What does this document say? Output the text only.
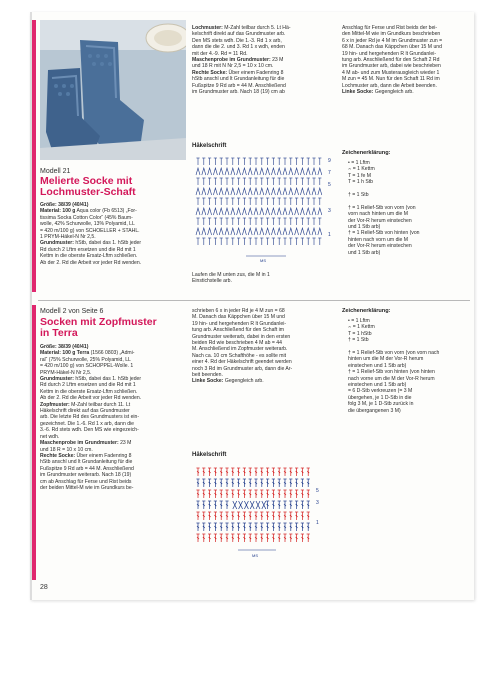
Modell 21
Melierte Socke mit
Lochmuster-Schaft
Größe: 38/39 (40/41)
Material: 100 g Aqua color (Fb 6513) „For-
tissima Socka Cotton Color“ (45% Baum-
wolle, 42% Schurwolle, 13% Polyamid, LL
= 420 m/100 g) von SCHOELLER + STAHL.
1 PRYM-Häkel-N Nr 2,5.
Grundmuster: hStb, dabei das 1. hStb jeder
Rd durch 2 Lftm ersetzen und die Rd mit 1
Kettm in die oberste Ersatz-Lftm schließen.
Ab der 2. Rd die Arbeit vor jeder Rd wenden.
Lochmuster: M-Zahl teilbar durch 5. Lt Hä-
kelschrift direkt auf das Grundmuster arb.
Den MS stets wdh. Die 1.-3. Rd 1 x arb,
dann die die 2. und 3. Rd 1 x wdh, enden
mit der 4.-9. Rd = 11 Rd.
Maschenprobe im Grundmuster: 23 M
und 18 R mit N Nr 2,5 = 10 x 10 cm.
Rechte Socke: Über einem Fadenring 8
hStb anschl und lt Grundanleitung für die
Fußspitze 9 Rd arb = 44 M. Anschließend
im Grundmuster arb. Nach 18 (19) cm ab
Anschlag für Ferse und Rist beids der bei-
den Mittel-M wie im Grundkurs beschrieben
6 x in jeder Rd je 4 M im Grundmuster zun =
68 M. Danach das Käppchen über 15 M und
19 hin- und hergehenden R lt Grundanlei-
tung arb. Anschließend für den Schaft 2 Rd
im Grundmuster arb, dabei wie beschrieben
4 M ab- und zum Musterausgleich wieder 1
M zun = 45 M. Nun für den Schaft 11 Rd im
Lochmuster arb, dann die Arbeit beenden.
Linke Socke: Gegengleich arb.
Häkelschrift
9
7
5
3
1
MS
Laufen die M unten zus, die M in 1
Einstichstelle arb.
Zeichenerklärung:
• = 1 Lftm
⌢ = 1 Kettm
T = 1 fe M
T = 1 h Stb

† = 1 Stb

† = 1 Relief-Stb von vorn (von
vorn nach hinten um die M
der Vor-R herum einstechen
und 1 Stb arb)
† = 1 Relief-Stb von hinten (von
hinten nach vorn um die M
der Vor-R herum einstechen
und 1 Stb arb)
Modell 2 von Seite 6
Socken mit Zopfmuster
in Terra
Größe: 38/39 (40/41)
Material: 100 g Terra (1566 0803) „Admi-
ral“ (75% Schurwolle, 25% Polyamid, LL
= 420 m/100 g) von SCHOPPEL-Wolle. 1
PRYM-Häkel-N Nr 2,5.
Grundmuster: hStb, dabei das 1. hStb jeder
Rd durch 2 Lftm ersetzen und die Rd mit 1
Kettm in die oberste Ersatz-Lftm schließen.
Ab der 2. Rd die Arbeit vor jeder Rd wenden.
Zopfmuster: M-Zahl teilbar durch 11. Lt
Häkelschrift direkt auf das Grundmuster
arb. Die letzte Rd des Grundmusters ist ein-
gezeichnet. Die 1.-6. Rd 1 x arb, dann die
3.-6. Rd stets wdh. Den MS wie eingezeich-
net wdh.
Maschenprobe im Grundmuster: 23 M
und 18 R = 10 x 10 cm.
Rechte Socke: Über einem Fadenring 8
hStb anschl und lt Grundanleitung für die
Fußspitze 9 Rd arb = 44 M. Anschließend
im Grundmuster weiterarb. Nach 18 (19)
cm ab Anschlag für Ferse und Rist beids
der beiden Mittel-M wie im Grundkurs be-
schrieben 6 x in jeder Rd je 4 M zun = 68
M. Danach das Käppchen über 15 M und
19 hin- und hergehenden R lt Grundanlei-
tung arb. Anschließend für den Schaft im
Grundmuster weiterarb, dabei in den ersten
beiden Rd wie beschrieben 4 M ab = 44
M. Anschließend im Zopfmuster weiterarb.
Nach ca. 10 cm Schafthöhe - es sollte mit
einer 4. Rd der Häkelschrift geendet werden
noch 3 Rd im Grundmuster arb, dann die Ar-
beit beenden.
Linke Socke: Gegengleich arb.
Zeichenerklärung:
• = 1 Lftm
⌢ = 1 Kettm
T = 1 hStb
† = 1 Stb

† = 1 Relief-Stb von vorn (von vorn nach
hinten um die M der Vor-R herum
einstechen und 1 Stb arb)
† = 1 Relief-Stb von hinten (von hinten
nach vorne um die M der Vor-R herum
einstechen und 1 Stb arb)
= 6 D-Stb verkreuzen (= 3 M
übergehen, je 1 D-Stb in die
folg 3 M, je 1 D-Stb zurück in
die übergangenen 3 M)
Häkelschrift
5
3
1
MS
28
